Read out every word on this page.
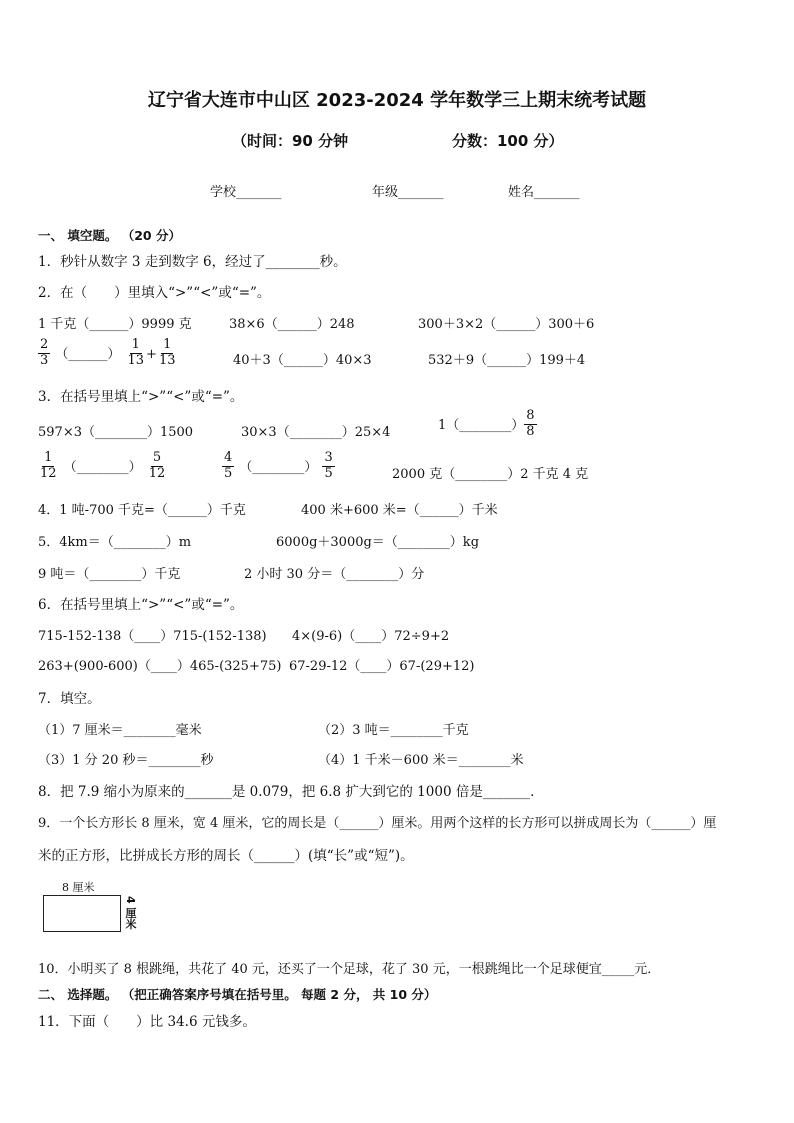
辽宁省大连市中山区 2023-2024 学年数学三上期末统考试题
（时间：90 分钟	分数：100 分）
学校_______	年级_______	姓名_______
一、 填空题。 （20 分）
1．秒针从数字 3 走到数字 6，经过了________秒。
2．在（　　）里填入“>”“<”或“=”。
1 千克（______）9999 克	38×6（______）248	300＋3×2（______）300＋6
$\frac{2}{3}$ （______） $\frac{1}{13} + \frac{1}{13}$	40＋3（______）40×3	532＋9（______）199＋4
3．在括号里填上“>”“<”或“=”。
597×3（________）1500	30×3（________）25×4	1（________） $\frac{8}{8}$
$\frac{1}{12}$ （________） $\frac{5}{12}$	$\frac{4}{5}$ （________） $\frac{3}{5}$	2000 克（________）2 千克 4 克
4．1 吨-700 千克=（______）千克	400 米+600 米=（______）千米
5．4km＝（________）m	6000g＋3000g＝（________）kg
9 吨＝（________）千克	2 小时 30 分＝（________）分
6．在括号里填上“>”“<”或“=”。
715-152-138（____）715-(152-138) 4×(9-6)（____）72÷9+2
263+(900-600)（____）465-(325+75) 67-29-12（____）67-(29+12)
7．填空。
（1）7 厘米＝________毫米	（2）3 吨＝________千克
（3）1 分 20 秒＝________秒	（4）1 千米－600 米＝________米
8．把 7.9 缩小为原来的_______是 0.079，把 6.8 扩大到它的 1000 倍是_______．
9．一个长方形长 8 厘米，宽 4 厘米，它的周长是（______）厘米。用两个这样的长方形可以拼成周长为（______）厘
米的正方形，比拼成长方形的周长（______）(填“长”或“短”)。
8 厘米
4 厘米
10．小明买了 8 根跳绳，共花了 40 元，还买了一个足球，花了 30 元，一根跳绳比一个足球便宜_____元．
二、 选择题。 （把正确答案序号填在括号里。 每题 2 分， 共 10 分）
11．下面（　　）比 34.6 元钱多。
